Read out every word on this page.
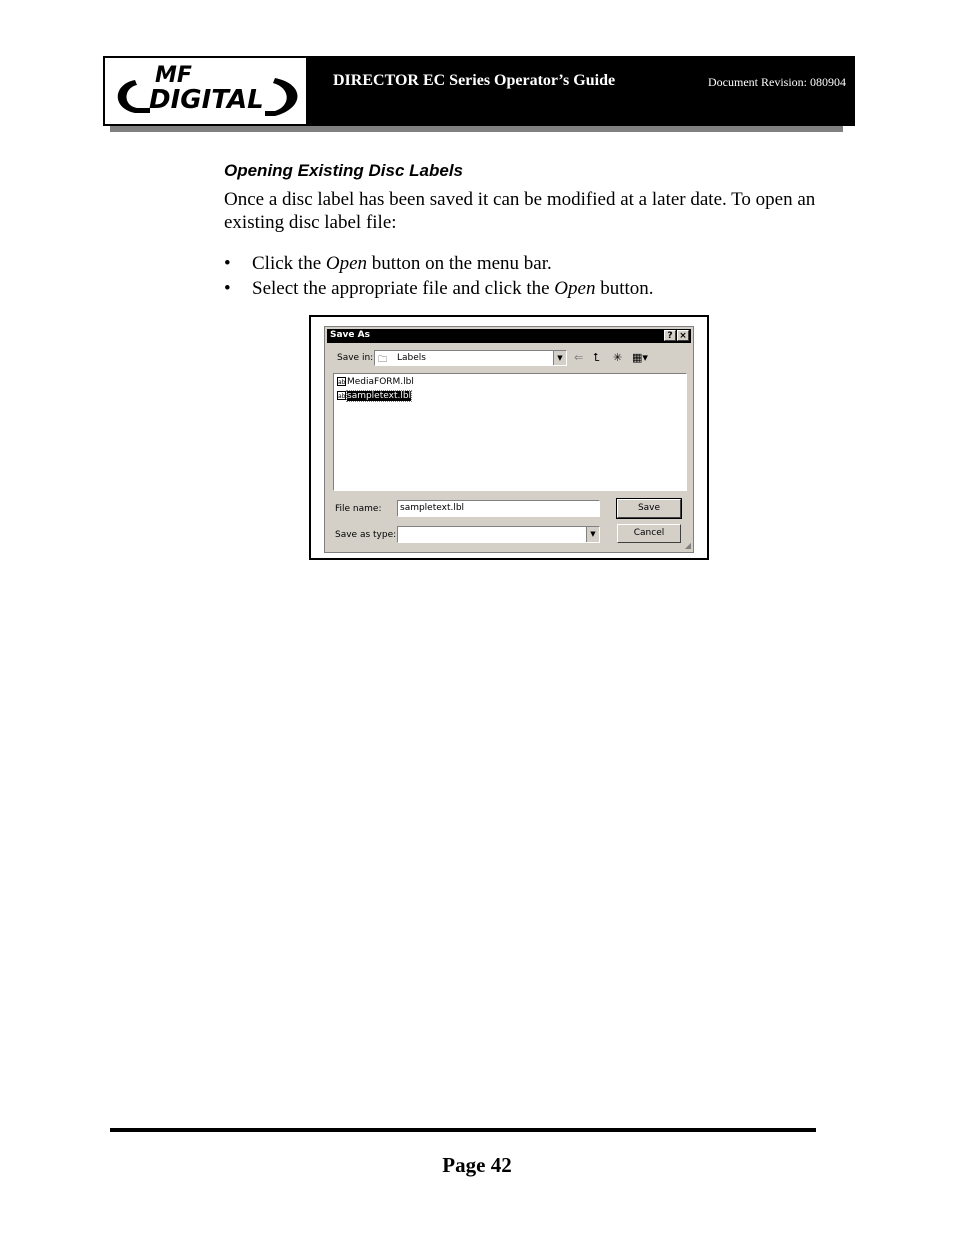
MF
DIGITAL
DIRECTOR EC Series Operator’s Guide	Document Revision: 080904
Opening Existing Disc Labels
Once a disc label has been saved it can be modified at a later date. To open an existing disc label file:
• Click the Open button on the menu bar.
• Select the appropriate file and click the Open button.
Save As	? ×
Save in: 🗀 Labels	▼	⇐ ⮤ ✳ ▦▾
ab MediaFORM.lbl
ab sampletext.lbl
File name:	sampletext.lbl
Save as type:	▼
Save
Cancel
◢
Page 42
